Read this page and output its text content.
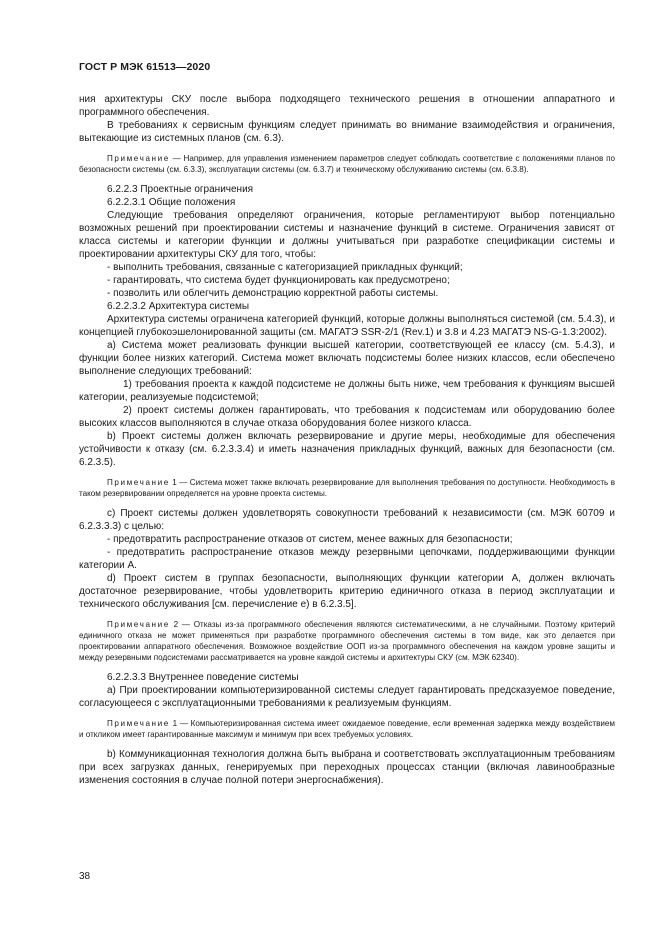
ГОСТ Р МЭК 61513—2020

ния архитектуры СКУ после выбора подходящего технического решения в отношении аппаратного и программного обеспечения.

В требованиях к сервисным функциям следует принимать во внимание взаимодействия и ограничения, вытекающие из системных планов (см. 6.3).

Примечание — Например, для управления изменением параметров следует соблюдать соответствие с положениями планов по безопасности системы (см. 6.3.3), эксплуатации системы (см. 6.3.7) и техническому обслуживанию системы (см. 6.3.8).

6.2.2.3 Проектные ограничения

6.2.2.3.1 Общие положения

Следующие требования определяют ограничения, которые регламентируют выбор потенциально возможных решений при проектировании системы и назначение функций в системе. Ограничения зависят от класса системы и категории функции и должны учитываться при разработке спецификации системы и проектировании архитектуры СКУ для того, чтобы:

- выполнить требования, связанные с категоризацией прикладных функций;

- гарантировать, что система будет функционировать как предусмотрено;

- позволить или облегчить демонстрацию корректной работы системы.

6.2.2.3.2 Архитектура системы

Архитектура системы ограничена категорией функций, которые должны выполняться системой (см. 5.4.3), и концепцией глубокоэшелонированной защиты (см. МАГАТЭ SSR-2/1 (Rev.1) и 3.8 и 4.23 МАГАТЭ NS-G-1.3:2002).

a) Система может реализовать функции высшей категории, соответствующей ее классу (см. 5.4.3), и функции более низких категорий. Система может включать подсистемы более низких классов, если обеспечено выполнение следующих требований:

1) требования проекта к каждой подсистеме не должны быть ниже, чем требования к функциям высшей категории, реализуемые подсистемой;

2) проект системы должен гарантировать, что требования к подсистемам или оборудованию более высоких классов выполняются в случае отказа оборудования более низкого класса.

b) Проект системы должен включать резервирование и другие меры, необходимые для обеспечения устойчивости к отказу (см. 6.2.3.3.4) и иметь назначения прикладных функций, важных для безопасности (см. 6.2.3.5).

Примечание 1 — Система может также включать резервирование для выполнения требования по доступности. Необходимость в таком резервировании определяется на уровне проекта системы.

c) Проект системы должен удовлетворять совокупности требований к независимости (см. МЭК 60709 и 6.2.3.3.3) с целью:

- предотвратить распространение отказов от систем, менее важных для безопасности;

- предотвратить распространение отказов между резервными цепочками, поддерживающими функции категории А.

d) Проект систем в группах безопасности, выполняющих функции категории А, должен включать достаточное резервирование, чтобы удовлетворить критерию единичного отказа в период эксплуатации и технического обслуживания [см. перечисление е) в 6.2.3.5].

Примечание 2 — Отказы из-за программного обеспечения являются систематическими, а не случайными. Поэтому критерий единичного отказа не может применяться при разработке программного обеспечения системы в том виде, как это делается при проектировании аппаратного обеспечения. Возможное воздействие ООП из-за программного обеспечения на каждом уровне защиты и между резервными подсистемами рассматривается на уровне каждой системы и архитектуры СКУ (см. МЭК 62340).

6.2.2.3.3 Внутреннее поведение системы

a) При проектировании компьютеризированной системы следует гарантировать предсказуемое поведение, согласующееся с эксплуатационными требованиями к реализуемым функциям.

Примечание 1 — Компьютеризированная система имеет ожидаемое поведение, если временная задержка между воздействием и откликом имеет гарантированные максимум и минимум при всех требуемых условиях.

b) Коммуникационная технология должна быть выбрана и соответствовать эксплуатационным требованиям при всех загрузках данных, генерируемых при переходных процессах станции (включая лавинообразные изменения состояния в случае полной потери энергоснабжения).

38
